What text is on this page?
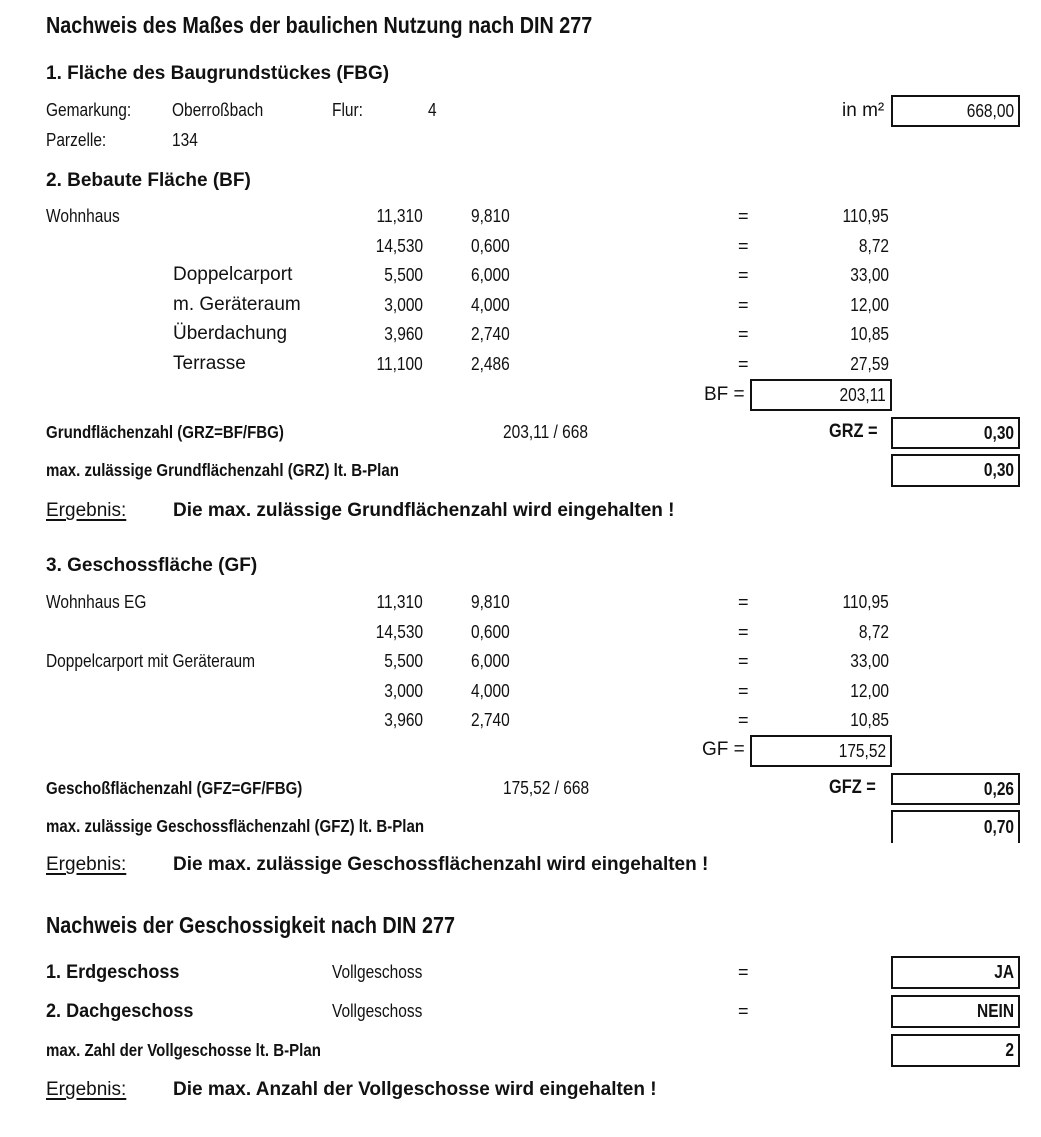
Nachweis des Maßes der baulichen Nutzung nach DIN 277
1. Fläche des Baugrundstückes (FBG)
Gemarkung:	Oberroßbach	Flur:	4
Parzelle:	134
in m²	668,00
2. Bebaute Fläche (BF)
Wohnhaus	11,310	9,810	=	110,95
14,530	0,600	=	8,72
Doppelcarport	5,500	6,000	=	33,00
m. Geräteraum	3,000	4,000	=	12,00
Überdachung	3,960	2,740	=	10,85
Terrasse	11,100	2,486	=	27,59
BF =	203,11
Grundflächenzahl (GRZ=BF/FBG)	203,11 / 668	GRZ =	0,30
max. zulässige Grundflächenzahl (GRZ) lt. B-Plan	0,30
Ergebnis: Die max. zulässige Grundflächenzahl wird eingehalten !
3. Geschossfläche (GF)
Wohnhaus EG	11,310	9,810	=	110,95
14,530	0,600	=	8,72
Doppelcarport mit Geräteraum	5,500	6,000	=	33,00
3,000	4,000	=	12,00
3,960	2,740	=	10,85
GF =	175,52
Geschoßflächenzahl (GFZ=GF/FBG)	175,52 / 668	GFZ =	0,26
max. zulässige Geschossflächenzahl (GFZ) lt. B-Plan	0,70
Ergebnis: Die max. zulässige Geschossflächenzahl wird eingehalten !
Nachweis der Geschossigkeit nach DIN 277
1. Erdgeschoss	Vollgeschoss	=	JA
2. Dachgeschoss	Vollgeschoss	=	NEIN
max. Zahl der Vollgeschosse lt. B-Plan	2
Ergebnis: Die max. Anzahl der Vollgeschosse wird eingehalten !
